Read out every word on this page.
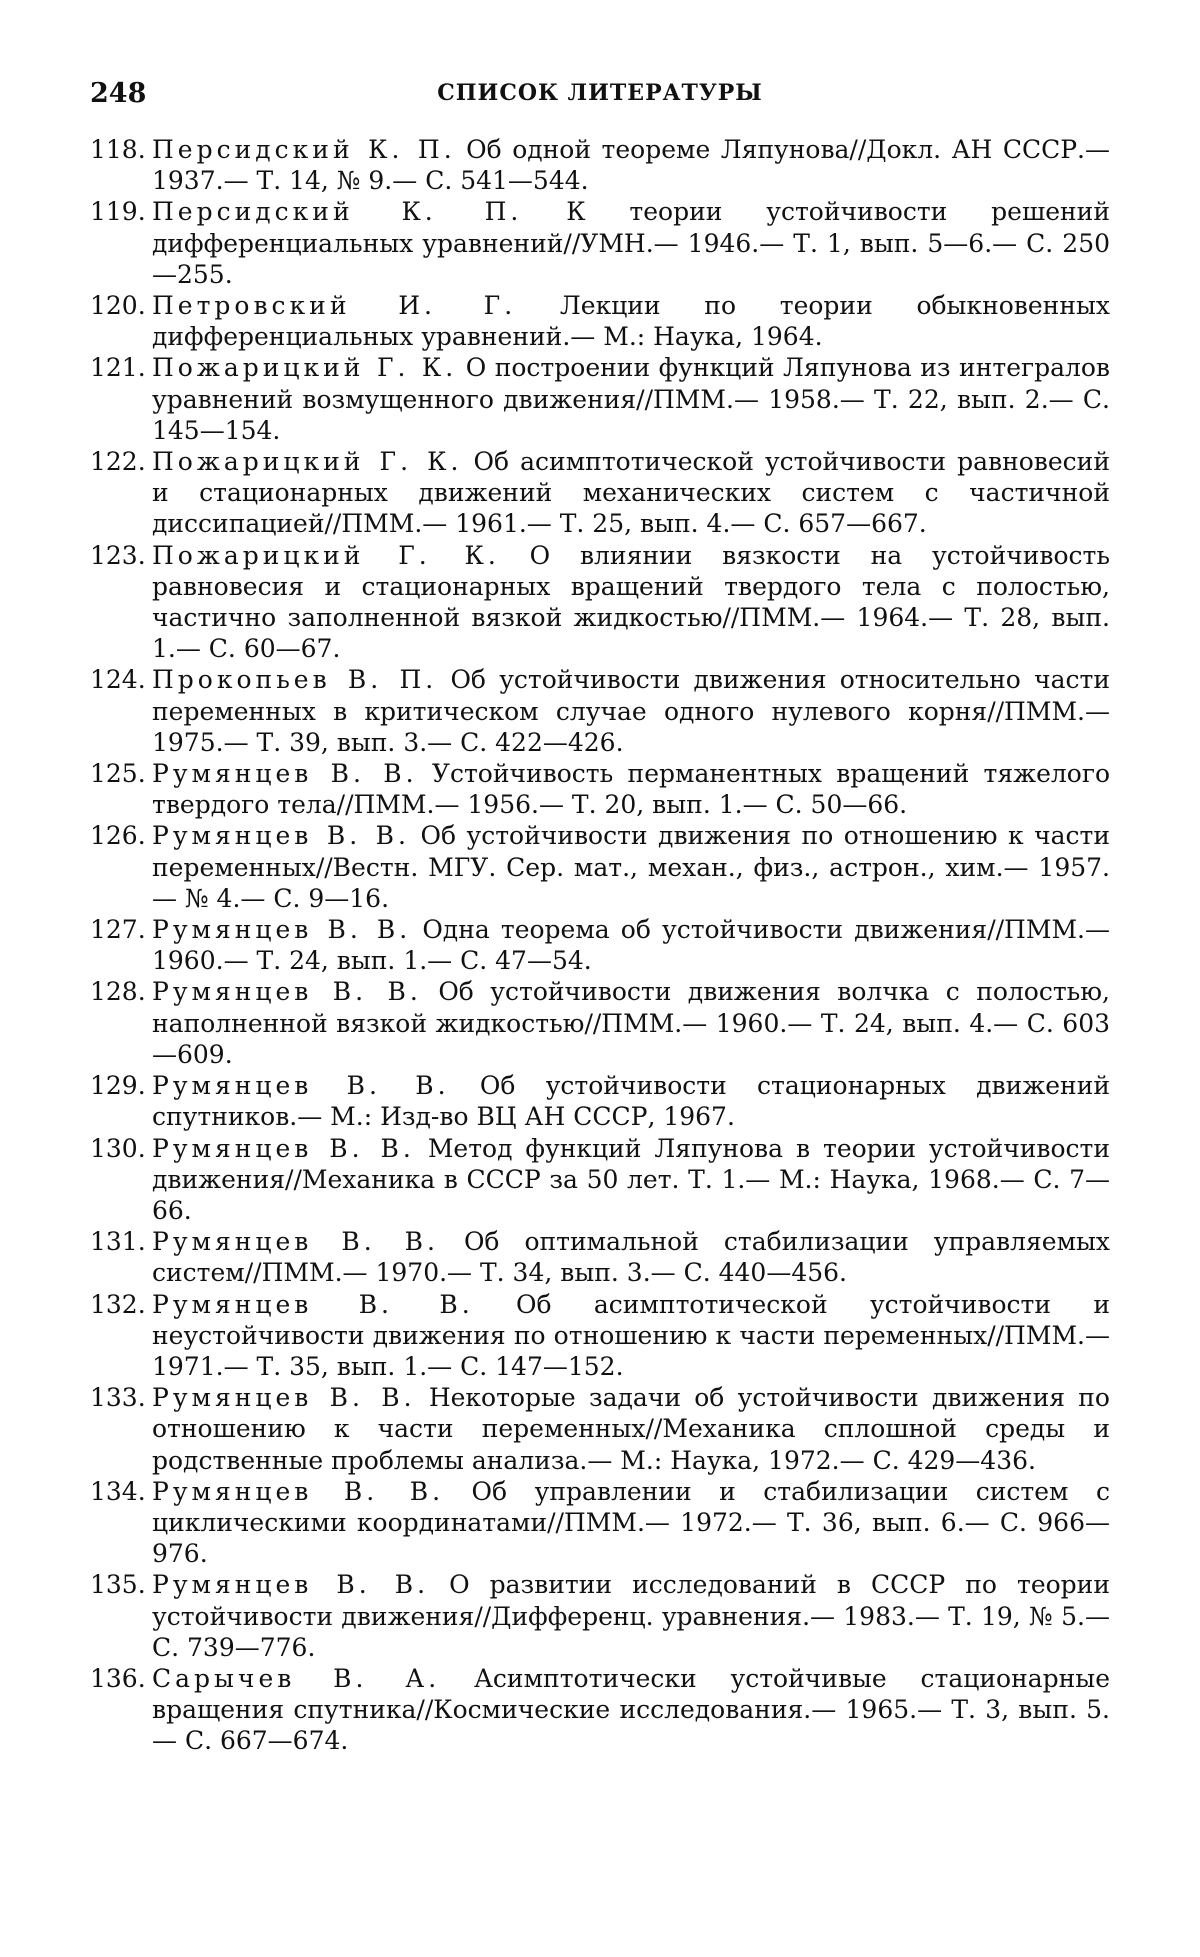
248	СПИСОК ЛИТЕРАТУРЫ
118. Персидский К. П. Об одной теореме Ляпунова//Докл. АН СССР.— 1937.— Т. 14, № 9.— С. 541—544.
119. Персидский К. П. К теории устойчивости решений дифференциальных уравнений//УМН.— 1946.— Т. 1, вып. 5—6.— С. 250—255.
120. Петровский И. Г. Лекции по теории обыкновенных дифференциальных уравнений.— М.: Наука, 1964.
121. Пожарицкий Г. К. О построении функций Ляпунова из интегралов уравнений возмущенного движения//ПММ.— 1958.— Т. 22, вып. 2.— С. 145—154.
122. Пожарицкий Г. К. Об асимптотической устойчивости равновесий и стационарных движений механических систем с частичной диссипацией//ПММ.— 1961.— Т. 25, вып. 4.— С. 657—667.
123. Пожарицкий Г. К. О влиянии вязкости на устойчивость равновесия и стационарных вращений твердого тела с полостью, частично заполненной вязкой жидкостью//ПММ.— 1964.— Т. 28, вып. 1.— С. 60—67.
124. Прокопьев В. П. Об устойчивости движения относительно части переменных в критическом случае одного нулевого корня//ПММ.— 1975.— Т. 39, вып. 3.— С. 422—426.
125. Румянцев В. В. Устойчивость перманентных вращений тяжелого твердого тела//ПММ.— 1956.— Т. 20, вып. 1.— С. 50—66.
126. Румянцев В. В. Об устойчивости движения по отношению к части переменных//Вестн. МГУ. Сер. мат., механ., физ., астрон., хим.— 1957.— № 4.— С. 9—16.
127. Румянцев В. В. Одна теорема об устойчивости движения//ПММ.— 1960.— Т. 24, вып. 1.— С. 47—54.
128. Румянцев В. В. Об устойчивости движения волчка с полостью, наполненной вязкой жидкостью//ПММ.— 1960.— Т. 24, вып. 4.— С. 603—609.
129. Румянцев В. В. Об устойчивости стационарных движений спутников.— М.: Изд-во ВЦ АН СССР, 1967.
130. Румянцев В. В. Метод функций Ляпунова в теории устойчивости движения//Механика в СССР за 50 лет. Т. 1.— М.: Наука, 1968.— С. 7—66.
131. Румянцев В. В. Об оптимальной стабилизации управляемых систем//ПММ.— 1970.— Т. 34, вып. 3.— С. 440—456.
132. Румянцев В. В. Об асимптотической устойчивости и неустойчивости движения по отношению к части переменных//ПММ.— 1971.— Т. 35, вып. 1.— С. 147—152.
133. Румянцев В. В. Некоторые задачи об устойчивости движения по отношению к части переменных//Механика сплошной среды и родственные проблемы анализа.— М.: Наука, 1972.— С. 429—436.
134. Румянцев В. В. Об управлении и стабилизации систем с циклическими координатами//ПММ.— 1972.— Т. 36, вып. 6.— С. 966—976.
135. Румянцев В. В. О развитии исследований в СССР по теории устойчивости движения//Дифференц. уравнения.— 1983.— Т. 19, № 5.— С. 739—776.
136. Сарычев В. А. Асимптотически устойчивые стационарные вращения спутника//Космические исследования.— 1965.— Т. 3, вып. 5.— С. 667—674.
